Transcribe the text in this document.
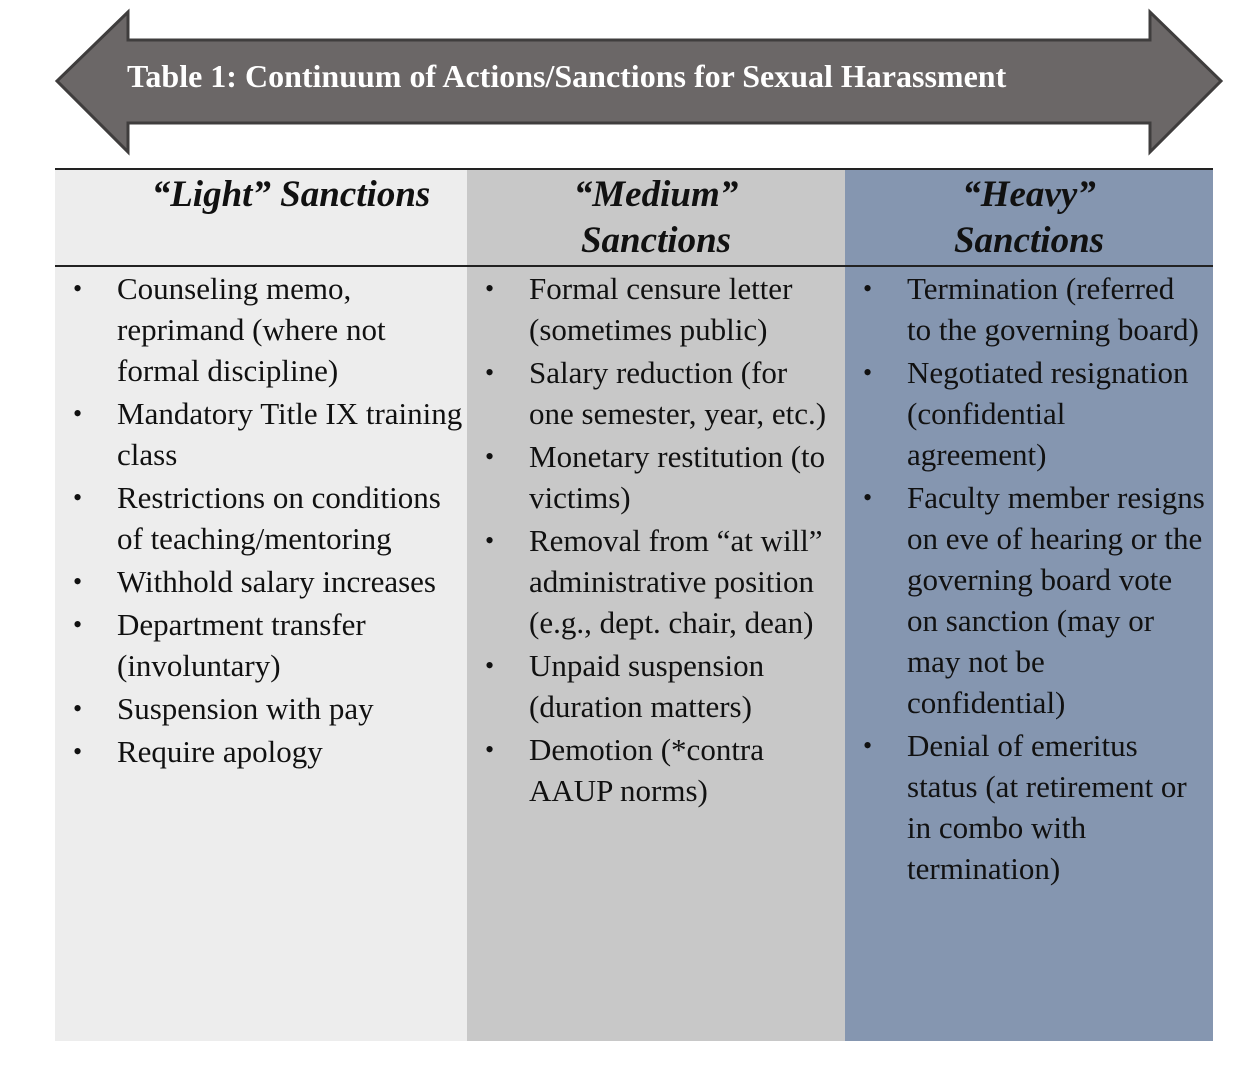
Table 1: Continuum of Actions/Sanctions for Sexual Harassment
“Light” Sanctions
• Counseling memo, reprimand (where not formal discipline)
• Mandatory Title IX training class
• Restrictions on conditions of teaching/mentoring
• Withhold salary increases
• Department transfer (involuntary)
• Suspension with pay
• Require apology
“Medium” Sanctions
• Formal censure letter (sometimes public)
• Salary reduction (for one semester, year, etc.)
• Monetary restitution (to victims)
• Removal from “at will” administrative position (e.g., dept. chair, dean)
• Unpaid suspension (duration matters)
• Demotion (*contra AAUP norms)
“Heavy” Sanctions
• Termination (referred to the governing board)
• Negotiated resignation (confidential agreement)
• Faculty member resigns on eve of hearing or the governing board vote on sanction (may or may not be confidential)
• Denial of emeritus status (at retirement or in combo with termination)
